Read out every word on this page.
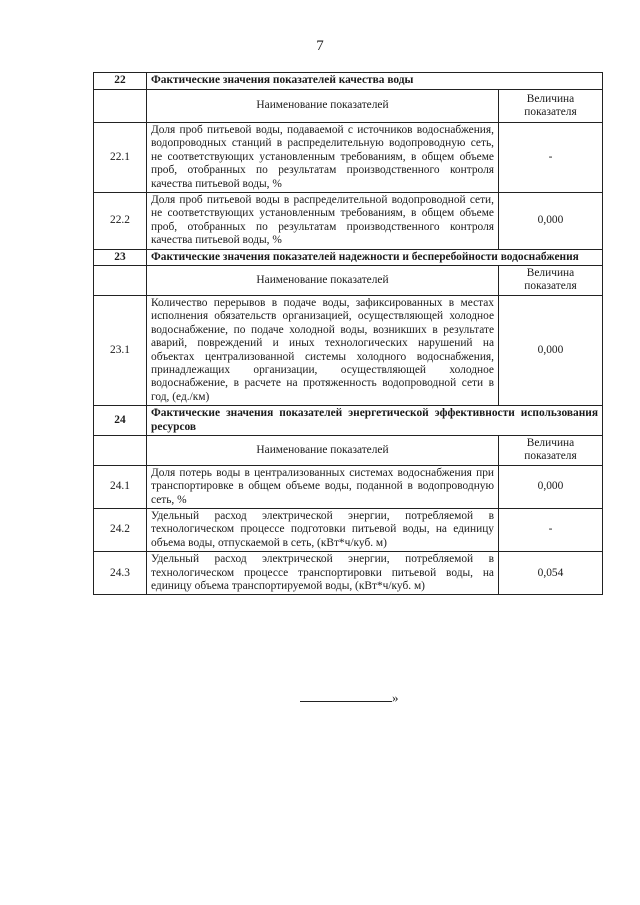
7
22	Фактические значения показателей качества воды	
	Наименование показателей	Величина показателя
22.1	Доля проб питьевой воды, подаваемой с источников водоснабжения, водопроводных станций в распределительную водопроводную сеть, не соответствующих установленным требованиям, в общем объеме проб, отобранных по результатам производственного контроля качества питьевой воды, %	-
22.2	Доля проб питьевой воды в распределительной водопроводной сети, не соответствующих установленным требованиям, в общем объеме проб, отобранных по результатам производственного контроля качества питьевой воды, %	0,000
23	Фактические значения показателей надежности и бесперебойности водоснабжения	
	Наименование показателей	Величина показателя
23.1	Количество перерывов в подаче воды, зафиксированных в местах исполнения обязательств организацией, осуществляющей холодное водоснабжение, по подаче холодной воды, возникших в результате аварий, повреждений и иных технологических нарушений на объектах централизованной системы холодного водоснабжения, принадлежащих организации, осуществляющей холодное водоснабжение, в расчете на протяженность водопроводной сети в год, (ед./км)	0,000
24	Фактические значения показателей энергетической эффективности использования ресурсов	
	Наименование показателей	Величина показателя
24.1	Доля потерь воды в централизованных системах водоснабжения при транспортировке в общем объеме воды, поданной в водопроводную сеть, %	0,000
24.2	Удельный расход электрической энергии, потребляемой в технологическом процессе подготовки питьевой воды, на единицу объема воды, отпускаемой в сеть, (кВт*ч/куб. м)	-
24.3	Удельный расход электрической энергии, потребляемой в технологическом процессе транспортировки питьевой воды, на единицу объема транспортируемой воды, (кВт*ч/куб. м)	0,054
»
